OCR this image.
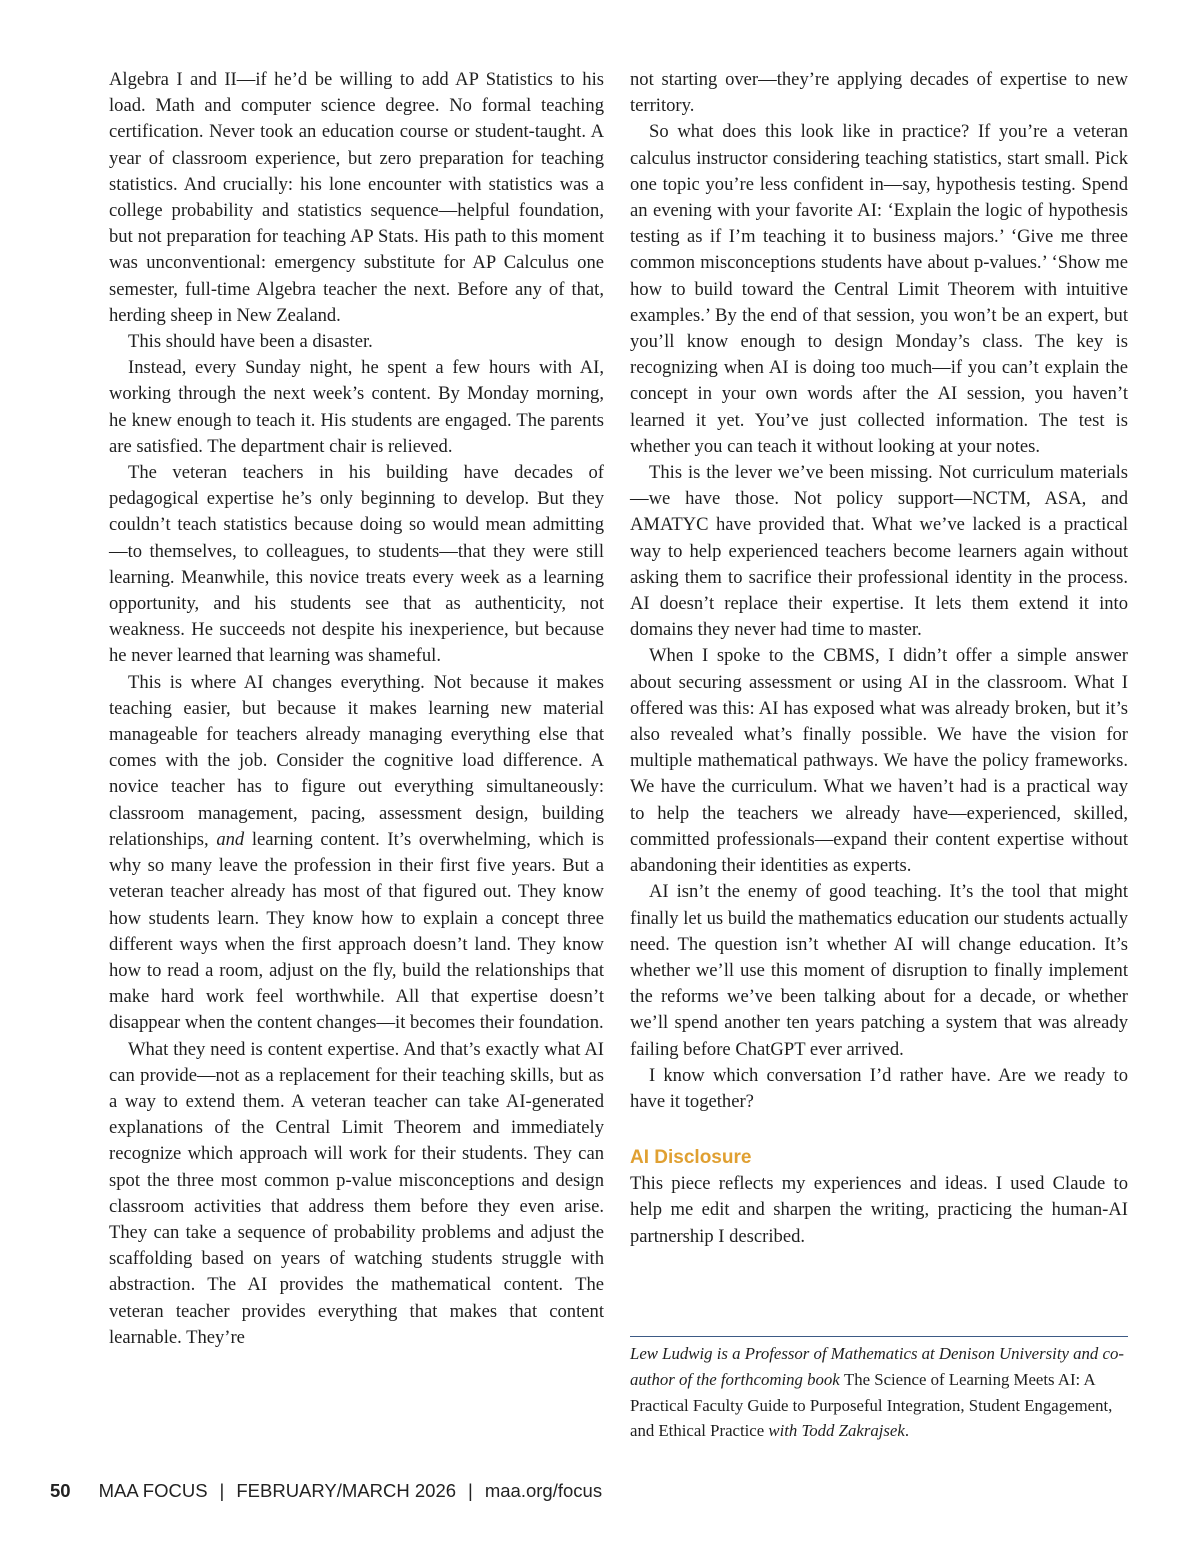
Algebra I and II—if he’d be willing to add AP Statistics to his load. Math and computer science degree. No formal teaching certification. Never took an education course or student-taught. A year of classroom experience, but zero preparation for teaching statistics. And crucially: his lone encounter with statistics was a college probability and statistics sequence—helpful foundation, but not preparation for teaching AP Stats. His path to this moment was unconventional: emergency substitute for AP Calculus one semester, full-time Algebra teacher the next. Before any of that, herding sheep in New Zealand.

This should have been a disaster.

Instead, every Sunday night, he spent a few hours with AI, working through the next week’s content. By Monday morning, he knew enough to teach it. His students are engaged. The parents are satisfied. The department chair is relieved.

The veteran teachers in his building have decades of pedagogical expertise he’s only beginning to develop. But they couldn’t teach statistics because doing so would mean admitting—to themselves, to colleagues, to students—that they were still learning. Meanwhile, this novice treats every week as a learning opportunity, and his students see that as authenticity, not weakness. He succeeds not despite his inexperience, but because he never learned that learning was shameful.

This is where AI changes everything. Not because it makes teaching easier, but because it makes learning new material manageable for teachers already managing everything else that comes with the job. Consider the cognitive load difference. A novice teacher has to figure out everything simultaneously: classroom management, pacing, assessment design, building relationships, and learning content. It’s overwhelming, which is why so many leave the profession in their first five years. But a veteran teacher already has most of that figured out. They know how students learn. They know how to explain a concept three different ways when the first approach doesn’t land. They know how to read a room, adjust on the fly, build the relationships that make hard work feel worthwhile. All that expertise doesn’t disappear when the content changes—it becomes their foundation.

What they need is content expertise. And that’s exactly what AI can provide—not as a replacement for their teaching skills, but as a way to extend them. A veteran teacher can take AI-generated explanations of the Central Limit Theorem and immediately recognize which approach will work for their students. They can spot the three most common p-value misconceptions and design classroom activities that address them before they even arise. They can take a sequence of probability problems and adjust the scaffolding based on years of watching students struggle with abstraction. The AI provides the mathematical content. The veteran teacher provides everything that makes that content learnable. They’re

not starting over—they’re applying decades of expertise to new territory.

So what does this look like in practice? If you’re a veteran calculus instructor considering teaching statistics, start small. Pick one topic you’re less confident in—say, hypothesis testing. Spend an evening with your favorite AI: ‘Explain the logic of hypothesis testing as if I’m teaching it to business majors.’ ‘Give me three common misconceptions students have about p-values.’ ‘Show me how to build toward the Central Limit Theorem with intuitive examples.’ By the end of that session, you won’t be an expert, but you’ll know enough to design Monday’s class. The key is recognizing when AI is doing too much—if you can’t explain the concept in your own words after the AI session, you haven’t learned it yet. You’ve just collected information. The test is whether you can teach it without looking at your notes.

This is the lever we’ve been missing. Not curriculum materials—we have those. Not policy support—NCTM, ASA, and AMATYC have provided that. What we’ve lacked is a practical way to help experienced teachers become learners again without asking them to sacrifice their professional identity in the process. AI doesn’t replace their expertise. It lets them extend it into domains they never had time to master.

When I spoke to the CBMS, I didn’t offer a simple answer about securing assessment or using AI in the classroom. What I offered was this: AI has exposed what was already broken, but it’s also revealed what’s finally possible. We have the vision for multiple mathematical pathways. We have the policy frameworks. We have the curriculum. What we haven’t had is a practical way to help the teachers we already have—experienced, skilled, committed professionals—expand their content expertise without abandoning their identities as experts.

AI isn’t the enemy of good teaching. It’s the tool that might finally let us build the mathematics education our students actually need. The question isn’t whether AI will change education. It’s whether we’ll use this moment of disruption to finally implement the reforms we’ve been talking about for a decade, or whether we’ll spend another ten years patching a system that was already failing before ChatGPT ever arrived.

I know which conversation I’d rather have. Are we ready to have it together?

AI Disclosure

This piece reflects my experiences and ideas. I used Claude to help me edit and sharpen the writing, practicing the human-AI partnership I described.

Lew Ludwig is a Professor of Mathematics at Denison University and co-author of the forthcoming book The Science of Learning Meets AI: A Practical Faculty Guide to Purposeful Integration, Student Engagement, and Ethical Practice with Todd Zakrajsek.

50 MAA FOCUS | FEBRUARY/MARCH 2026 | maa.org/focus
